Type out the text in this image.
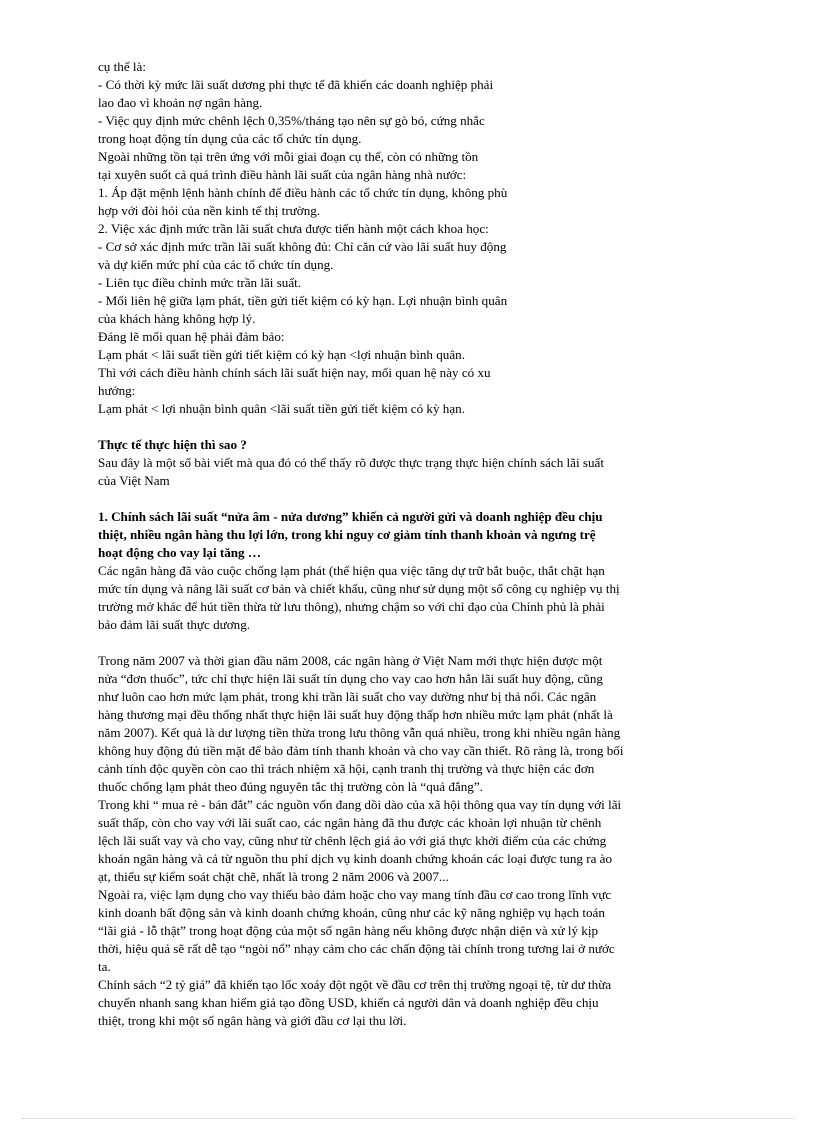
cụ thể là:
- Có thời kỳ mức lãi suất dương phi thực tế đã khiến các doanh nghiệp phải
lao đao vì khoản nợ ngân hàng.
- Việc quy định mức chênh lệch 0,35%/tháng tạo nên sự gò bó, cứng nhắc
trong hoạt động tín dụng của các tổ chức tín dụng.
Ngoài những tồn tại trên ứng với mỗi giai đoạn cụ thể, còn có những tồn
tại xuyên suốt cả quá trình điều hành lãi suất của ngân hàng nhà nước:
1. Áp đặt mệnh lệnh hành chính để điều hành các tổ chức tín dụng, không phù
hợp với đòi hỏi của nền kinh tế thị trường.
2. Việc xác định mức trần lãi suất chưa được tiến hành một cách khoa học:
- Cơ sở xác định mức trần lãi suất không đủ: Chỉ căn cứ vào lãi suất huy động
và dự kiến mức phí của các tổ chức tín dụng.
- Liên tục điều chỉnh mức trần lãi suất.
- Mối liên hệ giữa lạm phát, tiền gửi tiết kiệm có kỳ hạn. Lợi nhuận bình quân
của khách hàng không hợp lý.
Đáng lẽ mối quan hệ phải đảm bảo:
Lạm phát < lãi suất tiền gửi tiết kiệm có kỳ hạn <lợi nhuận bình quân.
Thì với cách điều hành chính sách lãi suất hiện nay, mối quan hệ này có xu
hướng:
Lạm phát < lợi nhuận bình quân <lãi suất tiền gửi tiết kiệm có kỳ hạn.
Thực tế thực hiện thì sao ?
Sau đây là một số bài viết mà qua đó có thể thấy rõ được thực trạng thực hiện chính sách lãi suất
của Việt Nam
1. Chính sách lãi suất “nửa âm - nửa dương” khiến cả người gửi và doanh nghiệp đều chịu
thiệt, nhiều ngân hàng thu lợi lớn, trong khi nguy cơ giảm tính thanh khoản và ngưng trệ
hoạt động cho vay lại tăng …
Các ngân hàng đã vào cuộc chống lạm phát (thể hiện qua việc tăng dự trữ bắt buộc, thắt chặt hạn
mức tín dụng và nâng lãi suất cơ bản và chiết khấu, cũng như sử dụng một số công cụ nghiệp vụ thị
trường mở khác để hút tiền thừa từ lưu thông), nhưng chậm so với chỉ đạo của Chính phủ là phải
bảo đảm lãi suất thực dương.
Trong năm 2007 và thời gian đầu năm 2008, các ngân hàng ở Việt Nam mới thực hiện được một
nửa “đơn thuốc”, tức chỉ thực hiện lãi suất tín dụng cho vay cao hơn hẳn lãi suất huy động, cũng
như luôn cao hơn mức lạm phát, trong khi trần lãi suất cho vay dường như bị thả nổi. Các ngân
hàng thương mại đều thống nhất thực hiện lãi suất huy động thấp hơn nhiều mức lạm phát (nhất là
năm 2007). Kết quả là dư lượng tiền thừa trong lưu thông vẫn quá nhiều, trong khi nhiều ngân hàng
không huy động đủ tiền mặt để bảo đảm tính thanh khoản và cho vay cần thiết. Rõ ràng là, trong bối
cảnh tính độc quyền còn cao thì trách nhiệm xã hội, cạnh tranh thị trường và thực hiện các đơn
thuốc chống lạm phát theo đúng nguyên tắc thị trường còn là “quả đắng”.
Trong khi “ mua rẻ - bán đắt” các nguồn vốn đang dồi dào của xã hội thông qua vay tín dụng với lãi
suất thấp, còn cho vay với lãi suất cao, các ngân hàng đã thu được các khoản lợi nhuận từ chênh
lệch lãi suất vay và cho vay, cũng như từ chênh lệch giá ảo với giá thực khởi điểm của các chứng
khoán ngân hàng và cả từ nguồn thu phí dịch vụ kinh doanh chứng khoán các loại được tung ra ào
ạt, thiếu sự kiểm soát chặt chẽ, nhất là trong 2 năm 2006 và 2007...
Ngoài ra, việc lạm dụng cho vay thiếu bảo đảm hoặc cho vay mang tính đầu cơ cao trong lĩnh vực
kinh doanh bất động sản và kinh doanh chứng khoán, cũng như các kỹ năng nghiệp vụ hạch toán
“lãi giả - lỗ thật” trong hoạt động của một số ngân hàng nếu không được nhận diện và xử lý kịp
thời, hiệu quả sẽ rất dễ tạo “ngòi nổ” nhạy cảm cho các chấn động tài chính trong tương lai ở nước
ta.
Chính sách “2 tỷ giá” đã khiến tạo lốc xoáy đột ngột về đầu cơ trên thị trường ngoại tệ, từ dư thừa
chuyển nhanh sang khan hiếm giả tạo đồng USD, khiến cả người dân và doanh nghiệp đều chịu
thiệt, trong khi một số ngân hàng và giới đầu cơ lại thu lời.
